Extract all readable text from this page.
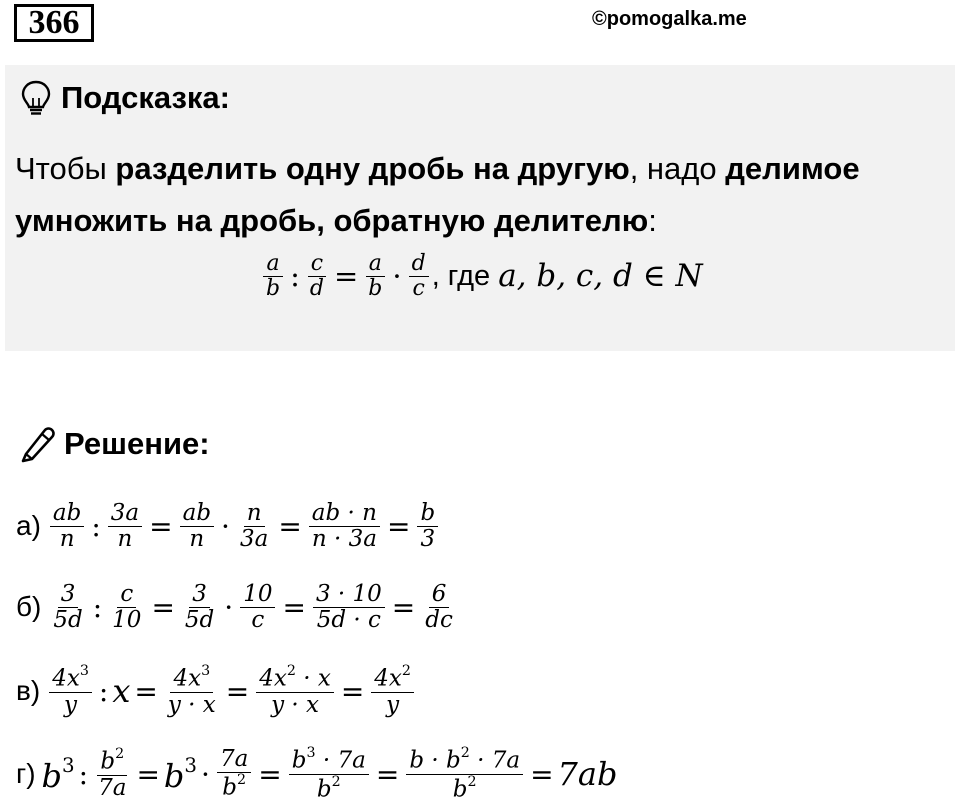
366	©pomogalka.me
Подсказка:
Чтобы разделить одну дробь на другую, надо делимое умножить на дробь, обратную делителю:
a
b : $\frac{c}{d} = \frac{a}{b} \cdot d$
c , где a, b, c, d ∈ N
Решение:
а) ab
n : $\frac{3a}{n} = \frac{ab}{n} \cdot \frac{n}{3a} = \frac{ab \cdot n}{n \cdot 3a} = \frac{b}{3}$
б) 3
5d : $\frac{c}{10} = \frac{3}{5d} \cdot \frac{10}{c} = \frac{3 \cdot 10}{5d \cdot c} = \frac{6}{dc}$
в) $4x^3$
y : $x = \frac{4x^3}{y \cdot x} = \frac{4x^2 \cdot x}{y \cdot x} = \frac{4x^2}{y}$
г) $b^3$ : $\frac{b^2}{7a} = b^3 \cdot \frac{7a}{b^2} = \frac{b^3 \cdot 7a}{b^2} = \frac{b \cdot b^2 \cdot 7a}{b^2} = 7ab$
